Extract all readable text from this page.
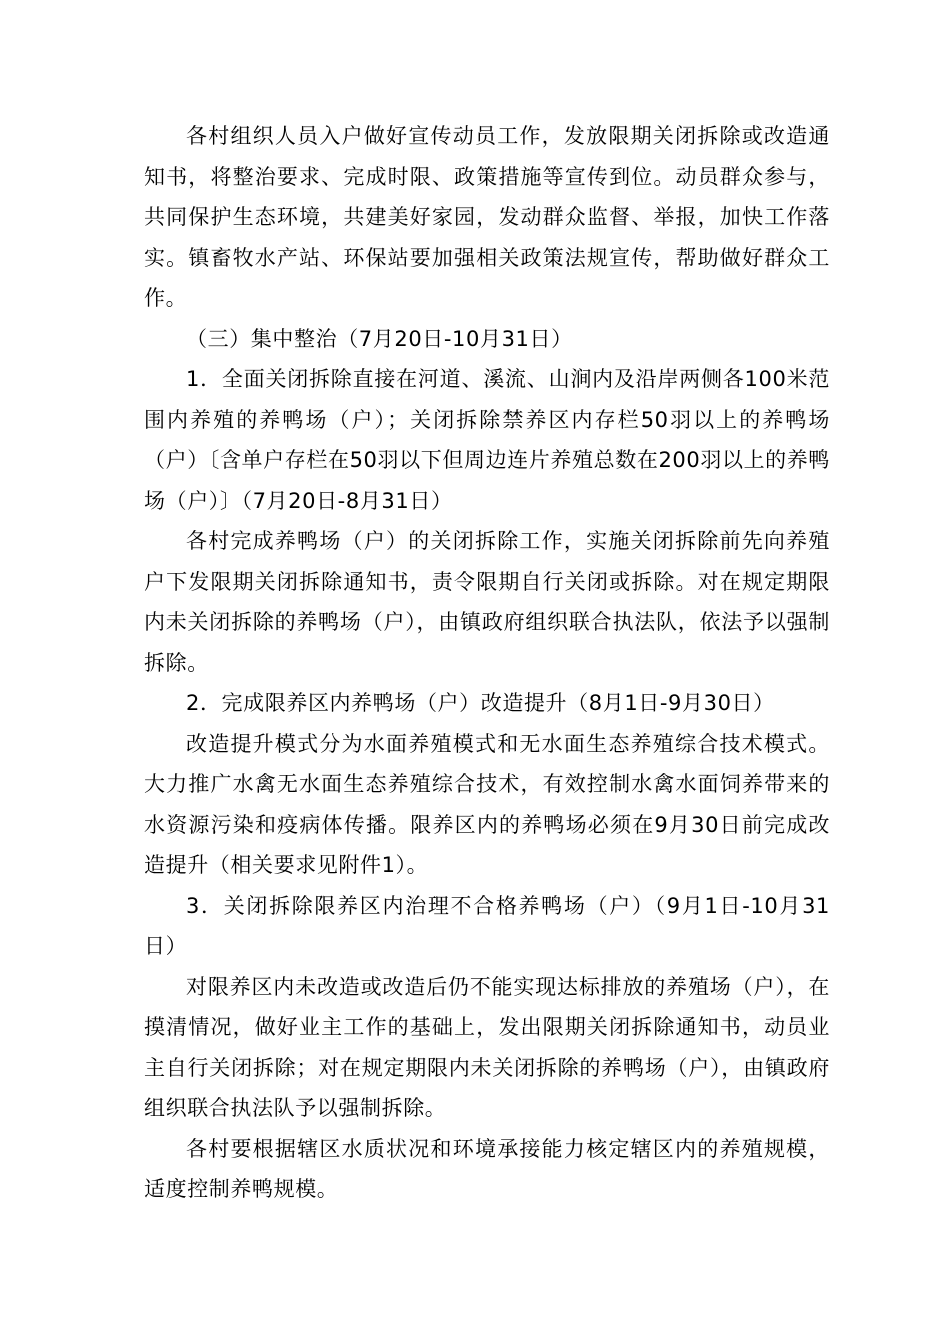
各村组织人员入户做好宣传动员工作，发放限期关闭拆除或改造通知书，将整治要求、完成时限、政策措施等宣传到位。动员群众参与，共同保护生态环境，共建美好家园，发动群众监督、举报，加快工作落实。镇畜牧水产站、环保站要加强相关政策法规宣传，帮助做好群众工作。

（三）集中整治（7月20日-10月31日）

1．全面关闭拆除直接在河道、溪流、山涧内及沿岸两侧各100米范围内养殖的养鸭场（户）；关闭拆除禁养区内存栏50羽以上的养鸭场（户）〔含单户存栏在50羽以下但周边连片养殖总数在200羽以上的养鸭场（户）〕（7月20日-8月31日）

各村完成养鸭场（户）的关闭拆除工作，实施关闭拆除前先向养殖户下发限期关闭拆除通知书，责令限期自行关闭或拆除。对在规定期限内未关闭拆除的养鸭场（户），由镇政府组织联合执法队，依法予以强制拆除。

2．完成限养区内养鸭场（户）改造提升（8月1日-9月30日）

改造提升模式分为水面养殖模式和无水面生态养殖综合技术模式。大力推广水禽无水面生态养殖综合技术，有效控制水禽水面饲养带来的水资源污染和疫病体传播。限养区内的养鸭场必须在9月30日前完成改造提升（相关要求见附件1）。

3．关闭拆除限养区内治理不合格养鸭场（户）（9月1日-10月31日）

对限养区内未改造或改造后仍不能实现达标排放的养殖场（户），在摸清情况，做好业主工作的基础上，发出限期关闭拆除通知书，动员业主自行关闭拆除；对在规定期限内未关闭拆除的养鸭场（户），由镇政府组织联合执法队予以强制拆除。

各村要根据辖区水质状况和环境承接能力核定辖区内的养殖规模，适度控制养鸭规模。
